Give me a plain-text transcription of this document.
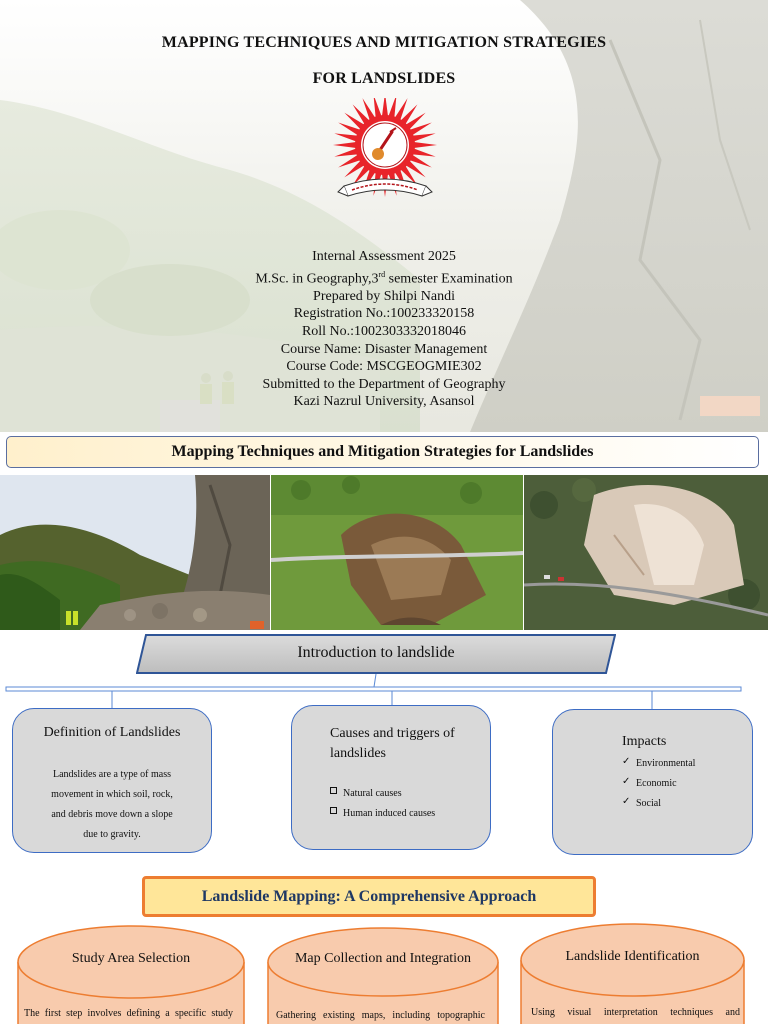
MAPPING TECHNIQUES AND MITIGATION STRATEGIES
FOR LANDSLIDES
Internal Assessment 2025
M.Sc. in Geography,3rd semester Examination
Prepared by Shilpi Nandi
Registration No.:100233320158
Roll No.:1002303332018046
Course Name: Disaster Management
Course Code: MSCGEOGMIE302
Submitted to the Department of Geography
Kazi Nazrul University, Asansol
Mapping Techniques and Mitigation Strategies for Landslides
Introduction to landslide
Definition of Landslides

Landslides are a type of mass

movement in which soil, rock,

and debris move down a slope

due to gravity.

Causes and triggers of
landslides
Natural causes
Human induced causes
Impacts
✓ Environmental
✓ Economic
✓ Social
Landslide Mapping: A Comprehensive Approach
Study Area Selection
The first step involves defining a specific study
Map Collection and Integration
Gathering existing maps, including topographic
Landslide Identification
Using visual interpretation techniques and
